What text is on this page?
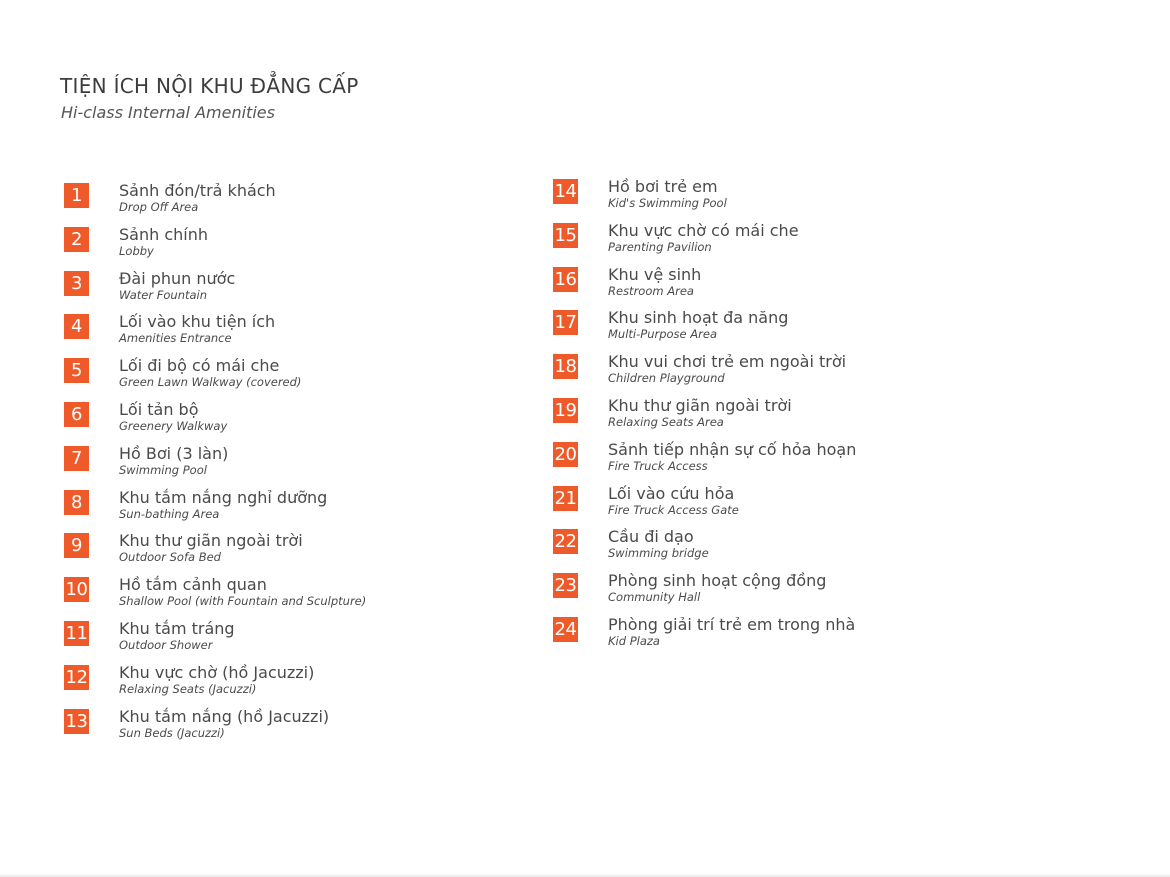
TIỆN ÍCH NỘI KHU ĐẲNG CẤP
Hi-class Internal Amenities
1	Sảnh đón/trả khách
Drop Off Area
2	Sảnh chính
Lobby
3	Đài phun nước
Water Fountain
4	Lối vào khu tiện ích
Amenities Entrance
5	Lối đi bộ có mái che
Green Lawn Walkway (covered)
6	Lối tản bộ
Greenery Walkway
7	Hồ Bơi (3 làn)
Swimming Pool
8	Khu tắm nắng nghỉ dưỡng
Sun-bathing Area
9	Khu thư giãn ngoài trời
Outdoor Sofa Bed
10 Hồ tắm cảnh quan
Shallow Pool (with Fountain and Sculpture)
11 Khu tắm tráng
Outdoor Shower
12 Khu vực chờ (hồ Jacuzzi)
Relaxing Seats (Jacuzzi)
13 Khu tắm nắng (hồ Jacuzzi)
Sun Beds (Jacuzzi)
14 Hồ bơi trẻ em
Kid's Swimming Pool
15 Khu vực chờ có mái che
Parenting Pavilion
16 Khu vệ sinh
Restroom Area
17 Khu sinh hoạt đa năng
Multi-Purpose Area
18 Khu vui chơi trẻ em ngoài trời
Children Playground
19 Khu thư giãn ngoài trời
Relaxing Seats Area
20 Sảnh tiếp nhận sự cố hỏa hoạn
Fire Truck Access
21 Lối vào cứu hỏa
Fire Truck Access Gate
22 Cầu đi dạo
Swimming bridge
23 Phòng sinh hoạt cộng đồng
Community Hall
24 Phòng giải trí trẻ em trong nhà
Kid Plaza
